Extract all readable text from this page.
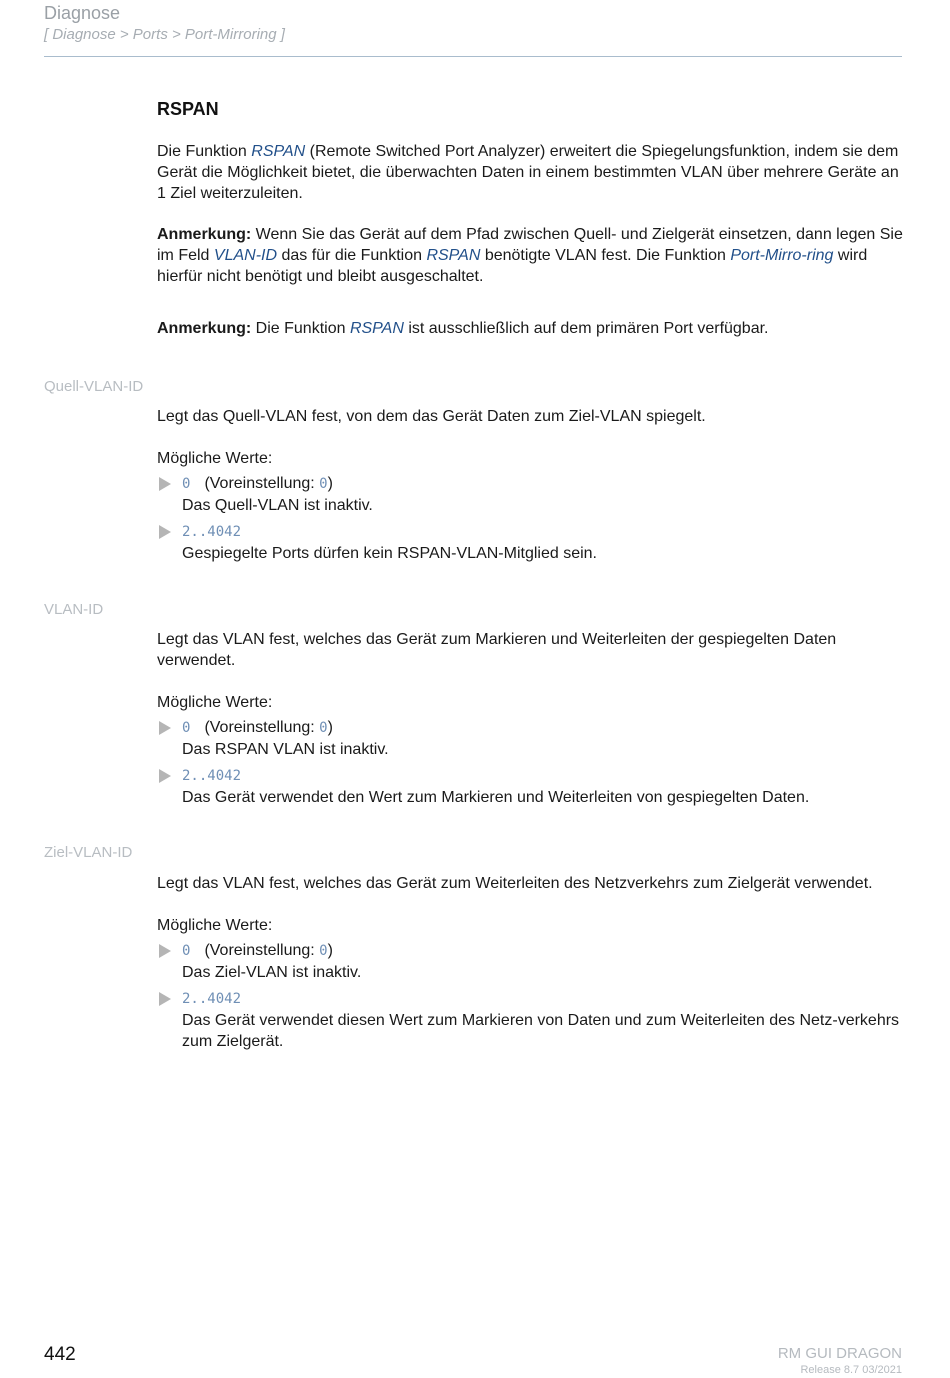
Diagnose
[ Diagnose > Ports > Port-Mirroring ]
RSPAN

Die Funktion RSPAN (Remote Switched Port Analyzer) erweitert die Spiegelungsfunktion, indem sie dem Gerät die Möglichkeit bietet, die überwachten Daten in einem bestimmten VLAN über mehrere Geräte an 1 Ziel weiterzuleiten.

Anmerkung: Wenn Sie das Gerät auf dem Pfad zwischen Quell- und Zielgerät einsetzen, dann legen Sie im Feld VLAN-ID das für die Funktion RSPAN benötigte VLAN fest. Die Funktion Port-Mirro-ring wird hierfür nicht benötigt und bleibt ausgeschaltet.

Anmerkung: Die Funktion RSPAN ist ausschließlich auf dem primären Port verfügbar.

Quell-VLAN-ID

Legt das Quell-VLAN fest, von dem das Gerät Daten zum Ziel-VLAN spiegelt.

Mögliche Werte:

0 (Voreinstellung: 0)
Das Quell-VLAN ist inaktiv.
2..4042
Gespiegelte Ports dürfen kein RSPAN-VLAN-Mitglied sein.
VLAN-ID

Legt das VLAN fest, welches das Gerät zum Markieren und Weiterleiten der gespiegelten Daten verwendet.

Mögliche Werte:

0 (Voreinstellung: 0)
Das RSPAN VLAN ist inaktiv.
2..4042
Das Gerät verwendet den Wert zum Markieren und Weiterleiten von gespiegelten Daten.
Ziel-VLAN-ID

Legt das VLAN fest, welches das Gerät zum Weiterleiten des Netzverkehrs zum Zielgerät verwendet.

Mögliche Werte:

0 (Voreinstellung: 0)
Das Ziel-VLAN ist inaktiv.
2..4042
Das Gerät verwendet diesen Wert zum Markieren von Daten und zum Weiterleiten des Netz-verkehrs zum Zielgerät.
442	RM GUI DRAGON
Release 8.7 03/2021
